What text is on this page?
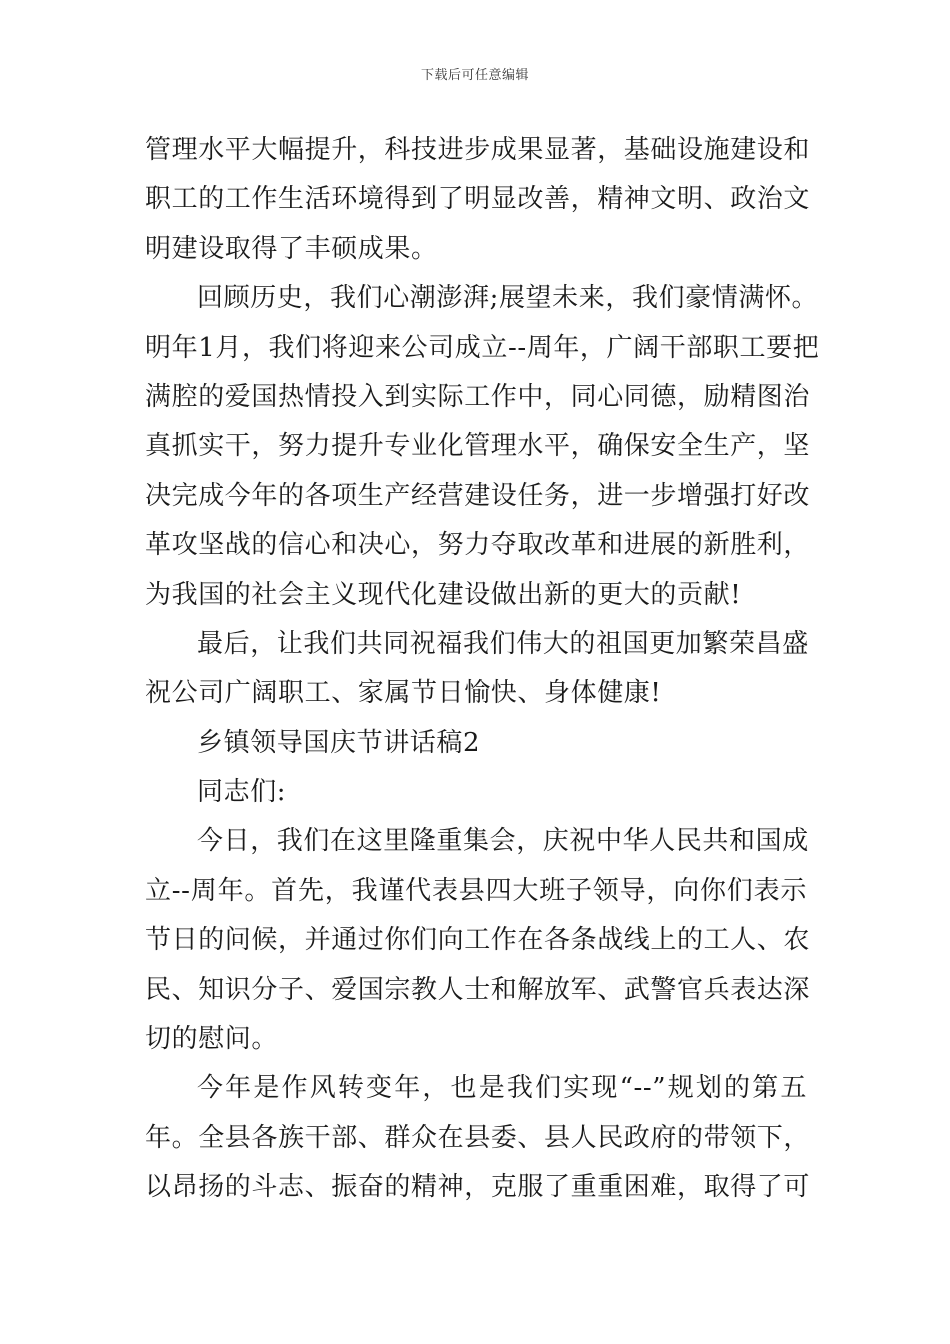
下载后可任意编辑
管理水平大幅提升，科技进步成果显著，基础设施建设和
职工的工作生活环境得到了明显改善，精神文明、政治文
明建设取得了丰硕成果。
回顾历史，我们心潮澎湃;展望未来，我们豪情满怀。
明年1月，我们将迎来公司成立--周年，广阔干部职工要把
满腔的爱国热情投入到实际工作中，同心同德，励精图治
真抓实干，努力提升专业化管理水平，确保安全生产，坚
决完成今年的各项生产经营建设任务，进一步增强打好改
革攻坚战的信心和决心，努力夺取改革和进展的新胜利，
为我国的社会主义现代化建设做出新的更大的贡献!
最后，让我们共同祝福我们伟大的祖国更加繁荣昌盛
祝公司广阔职工、家属节日愉快、身体健康!
乡镇领导国庆节讲话稿2
同志们:
今日，我们在这里隆重集会，庆祝中华人民共和国成
立--周年。首先，我谨代表县四大班子领导，向你们表示
节日的问候，并通过你们向工作在各条战线上的工人、农
民、知识分子、爱国宗教人士和解放军、武警官兵表达深
切的慰问。
今年是作风转变年，也是我们实现“--”规划的第五
年。全县各族干部、群众在县委、县人民政府的带领下，
以昂扬的斗志、振奋的精神，克服了重重困难，取得了可
